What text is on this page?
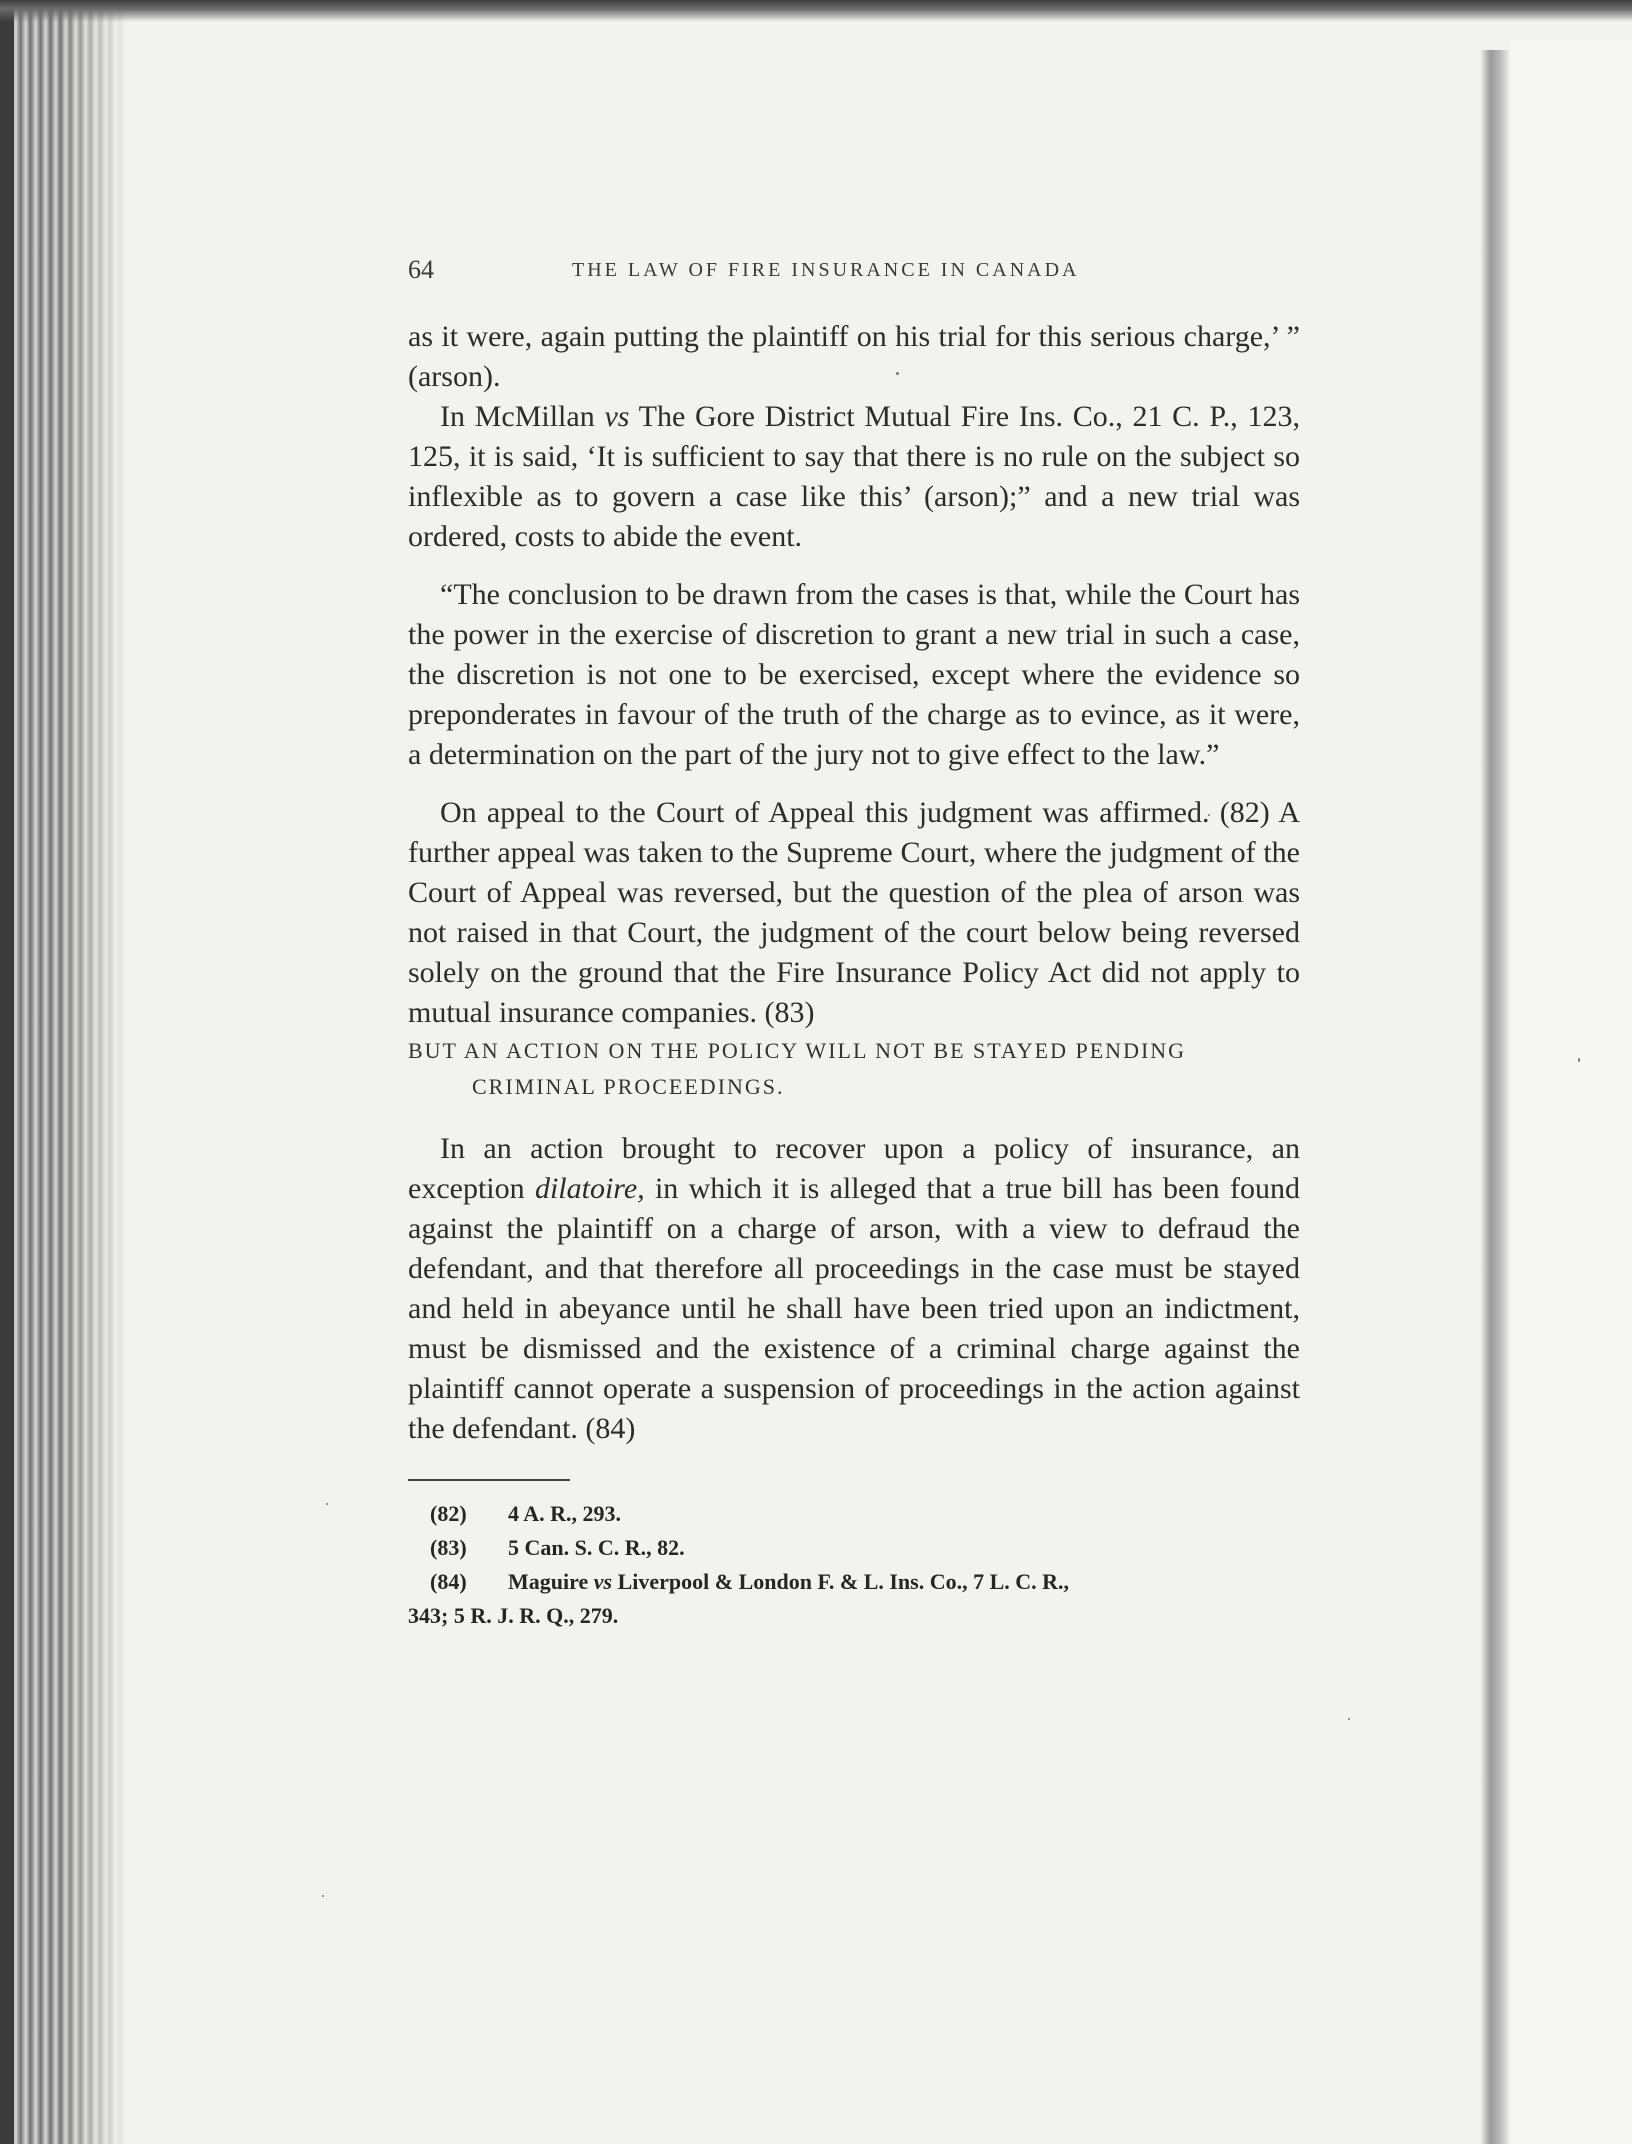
64	THE LAW OF FIRE INSURANCE IN CANADA

as it were, again putting the plaintiff on his trial for this serious charge,’ ” (arson).

In McMillan vs The Gore District Mutual Fire Ins. Co., 21 C. P., 123, 125, it is said, ‘It is sufficient to say that there is no rule on the subject so inflexible as to govern a case like this’ (arson);” and a new trial was ordered, costs to abide the event.

“The conclusion to be drawn from the cases is that, while the Court has the power in the exercise of discretion to grant a new trial in such a case, the discretion is not one to be exercised, except where the evidence so preponderates in favour of the truth of the charge as to evince, as it were, a determination on the part of the jury not to give effect to the law.”

On appeal to the Court of Appeal this judgment was affirmed. (82) A further appeal was taken to the Supreme Court, where the judgment of the Court of Appeal was reversed, but the question of the plea of arson was not raised in that Court, the judgment of the court below being reversed solely on the ground that the Fire Insurance Policy Act did not apply to mutual insurance companies. (83)

BUT AN ACTION ON THE POLICY WILL NOT BE STAYED PENDING CRIMINAL PROCEEDINGS.

In an action brought to recover upon a policy of insurance, an exception dilatoire, in which it is alleged that a true bill has been found against the plaintiff on a charge of arson, with a view to defraud the defendant, and that therefore all proceedings in the case must be stayed and held in abeyance until he shall have been tried upon an indictment, must be dismissed and the existence of a criminal charge against the plaintiff cannot operate a suspension of proceedings in the action against the defendant. (84)

(82) 4 A. R., 293.

(83) 5 Can. S. C. R., 82.

(84) Maguire vs Liverpool & London F. & L. Ins. Co., 7 L. C. R.,

343; 5 R. J. R. Q., 279.
